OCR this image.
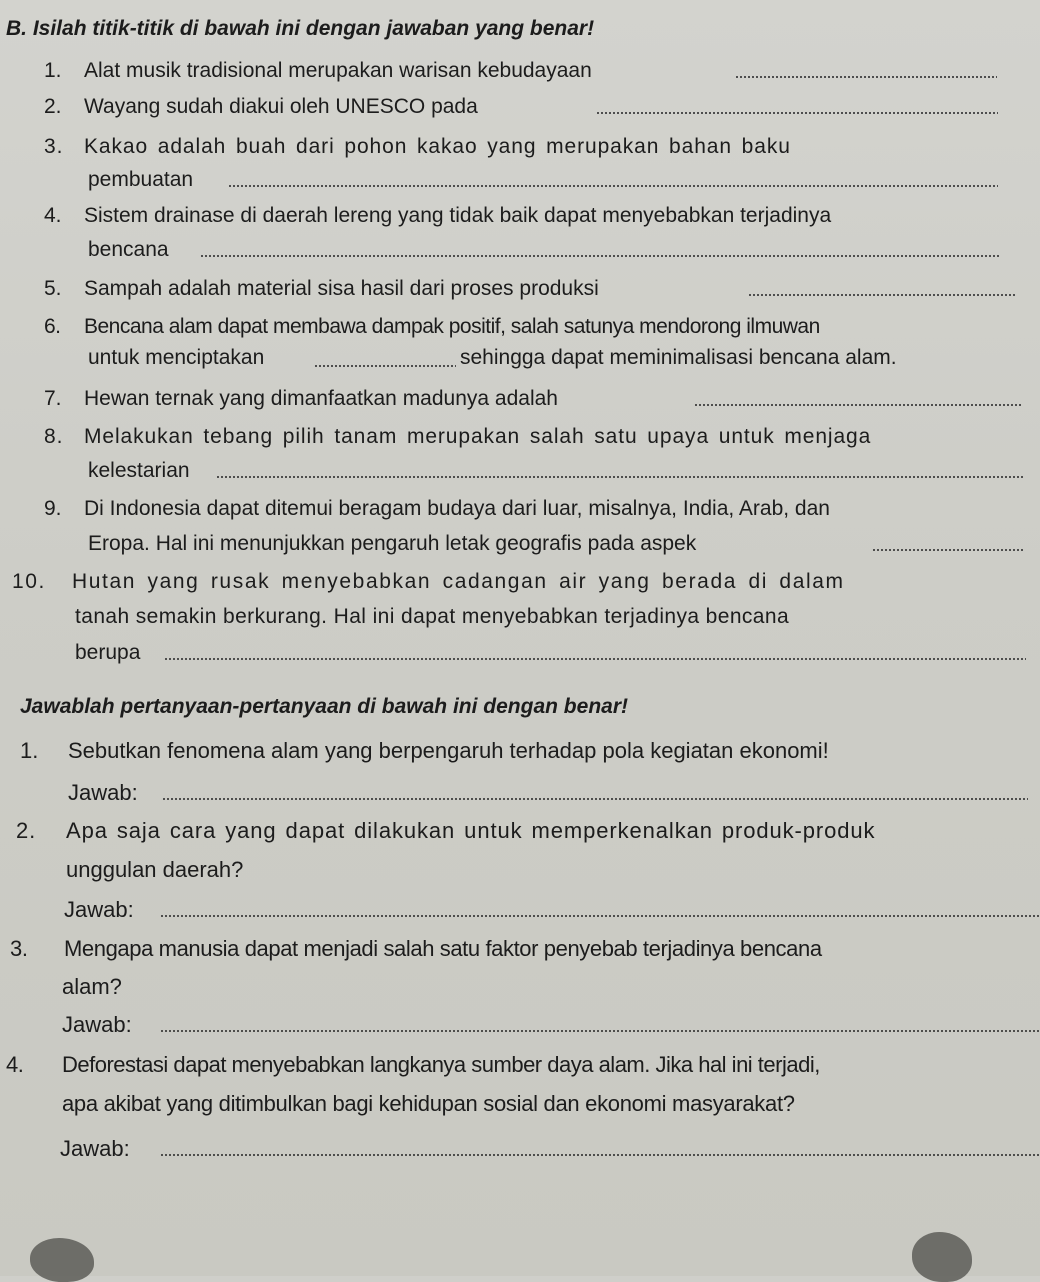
B. Isilah titik-titik di bawah ini dengan jawaban yang benar!
1. Alat musik tradisional merupakan warisan kebudayaan
2. Wayang sudah diakui oleh UNESCO pada
3. Kakao adalah buah dari pohon kakao yang merupakan bahan baku
pembuatan
4. Sistem drainase di daerah lereng yang tidak baik dapat menyebabkan terjadinya
bencana
5. Sampah adalah material sisa hasil dari proses produksi
6. Bencana alam dapat membawa dampak positif, salah satunya mendorong ilmuwan
untuk menciptakan	sehingga dapat meminimalisasi bencana alam.
7. Hewan ternak yang dimanfaatkan madunya adalah
8. Melakukan tebang pilih tanam merupakan salah satu upaya untuk menjaga
kelestarian
9. Di Indonesia dapat ditemui beragam budaya dari luar, misalnya, India, Arab, dan
Eropa. Hal ini menunjukkan pengaruh letak geografis pada aspek
10. Hutan yang rusak menyebabkan cadangan air yang berada di dalam
tanah semakin berkurang. Hal ini dapat menyebabkan terjadinya bencana
berupa
Jawablah pertanyaan-pertanyaan di bawah ini dengan benar!
1. Sebutkan fenomena alam yang berpengaruh terhadap pola kegiatan ekonomi!
Jawab:
2. Apa saja cara yang dapat dilakukan untuk memperkenalkan produk-produk
unggulan daerah?
Jawab:
3. Mengapa manusia dapat menjadi salah satu faktor penyebab terjadinya bencana
alam?
Jawab:
4. Deforestasi dapat menyebabkan langkanya sumber daya alam. Jika hal ini terjadi,
apa akibat yang ditimbulkan bagi kehidupan sosial dan ekonomi masyarakat?
Jawab:
